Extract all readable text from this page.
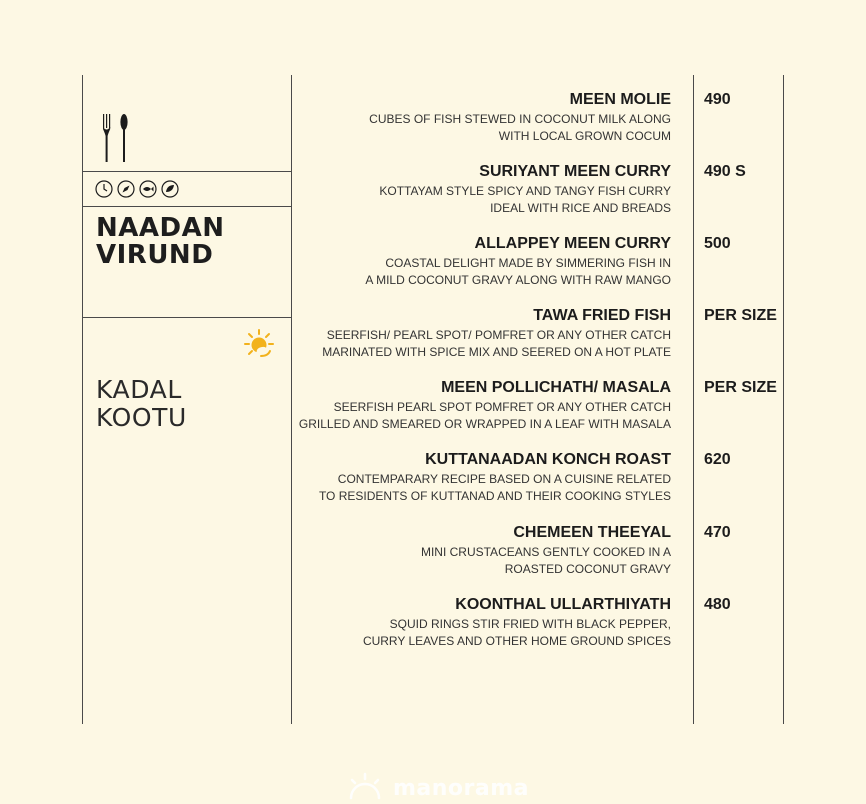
NAADAN
VIRUND
KADAL
KOOTU
MEEN MOLIE
CUBES OF FISH STEWED IN COCONUT MILK ALONG
WITH LOCAL GROWN COCUM
490
SURIYANT MEEN CURRY
KOTTAYAM STYLE SPICY AND TANGY FISH CURRY
IDEAL WITH RICE AND BREADS
490 S
ALLAPPEY MEEN CURRY
COASTAL DELIGHT MADE BY SIMMERING FISH IN
A MILD COCONUT GRAVY ALONG WITH RAW MANGO
500
TAWA FRIED FISH
SEERFISH/ PEARL SPOT/ POMFRET OR ANY OTHER CATCH
MARINATED WITH SPICE MIX AND SEERED ON A HOT PLATE
PER SIZE
MEEN POLLICHATH/ MASALA
SEERFISH PEARL SPOT POMFRET OR ANY OTHER CATCH
GRILLED AND SMEARED OR WRAPPED IN A LEAF WITH MASALA
PER SIZE
KUTTANAADAN KONCH ROAST
CONTEMPARARY RECIPE BASED ON A CUISINE RELATED
TO RESIDENTS OF KUTTANAD AND THEIR COOKING STYLES
620
CHEMEEN THEEYAL
MINI CRUSTACEANS GENTLY COOKED IN A
ROASTED COCONUT GRAVY
470
KOONTHAL ULLARTHIYATH
SQUID RINGS STIR FRIED WITH BLACK PEPPER,
CURRY LEAVES AND OTHER HOME GROUND SPICES
480
manorama
